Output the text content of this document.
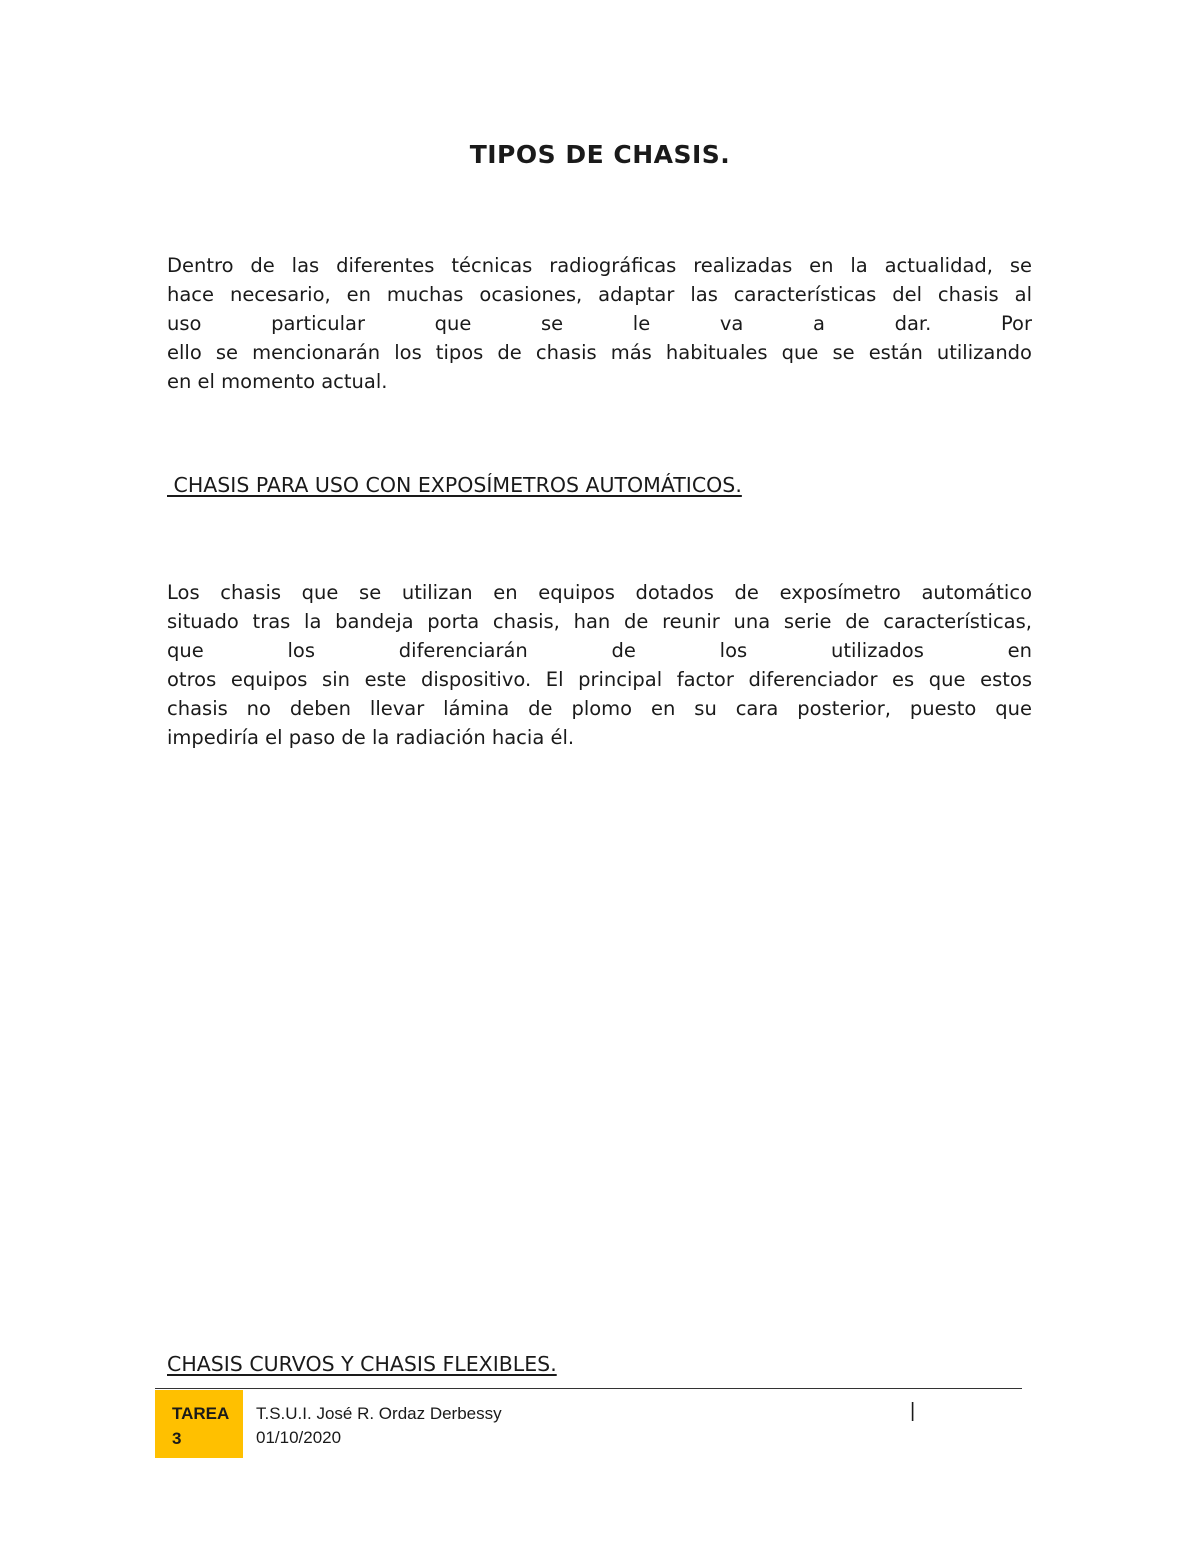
TIPOS DE CHASIS.
Dentro de las diferentes técnicas radiográficas realizadas en la actualidad, se
hace necesario, en muchas ocasiones, adaptar las características del chasis al
uso particular que se le va a dar. Por
ello se mencionarán los tipos de chasis más habituales que se están utilizando
en el momento actual.
CHASIS PARA USO CON EXPOSÍMETROS AUTOMÁTICOS.
Los chasis que se utilizan en equipos dotados de exposímetro automático
situado tras la bandeja porta chasis, han de reunir una serie de características,
que los diferenciarán de los utilizados en
otros equipos sin este dispositivo. El principal factor diferenciador es que estos
chasis no deben llevar lámina de plomo en su cara posterior, puesto que
impediría el paso de la radiación hacia él.
CHASIS CURVOS Y CHASIS FLEXIBLES.
TAREA
3
T.S.U.I. José R. Ordaz Derbessy
01/10/2020
|
